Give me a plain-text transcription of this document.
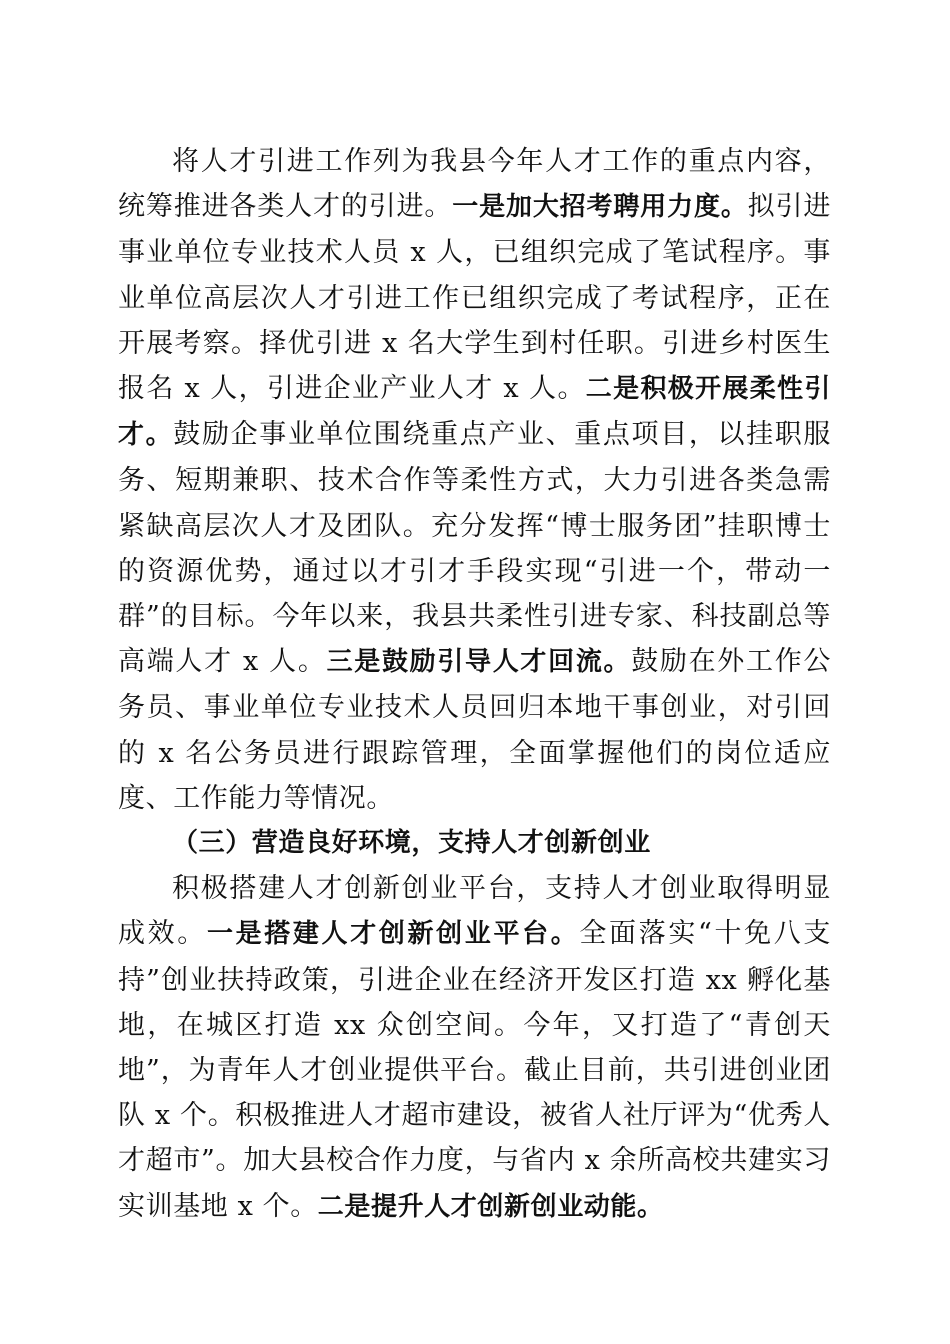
将人才引进工作列为我县今年人才工作的重点内容，统筹推进各类人才的引进。一是加大招考聘用力度。拟引进事业单位专业技术人员 x 人，已组织完成了笔试程序。事业单位高层次人才引进工作已组织完成了考试程序，正在开展考察。择优引进 x 名大学生到村任职。引进乡村医生报名 x 人，引进企业产业人才 x 人。二是积极开展柔性引才。鼓励企事业单位围绕重点产业、重点项目，以挂职服务、短期兼职、技术合作等柔性方式，大力引进各类急需紧缺高层次人才及团队。充分发挥“博士服务团”挂职博士的资源优势，通过以才引才手段实现“引进一个，带动一群”的目标。今年以来，我县共柔性引进专家、科技副总等高端人才 x 人。三是鼓励引导人才回流。鼓励在外工作公务员、事业单位专业技术人员回归本地干事创业，对引回的 x 名公务员进行跟踪管理，全面掌握他们的岗位适应度、工作能力等情况。

（三）营造良好环境，支持人才创新创业

积极搭建人才创新创业平台，支持人才创业取得明显成效。一是搭建人才创新创业平台。全面落实“十免八支持”创业扶持政策，引进企业在经济开发区打造 xx 孵化基地，在城区打造 xx 众创空间。今年，又打造了“青创天地”，为青年人才创业提供平台。截止目前，共引进创业团队 x 个。积极推进人才超市建设，被省人社厅评为“优秀人才超市”。加大县校合作力度，与省内 x 余所高校共建实习实训基地 x 个。二是提升人才创新创业动能。
